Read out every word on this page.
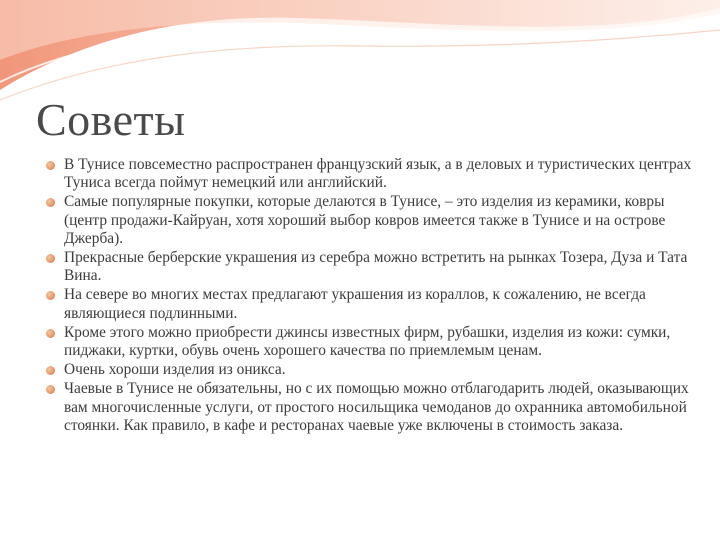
Советы
В Тунисе повсеместно распространен французский язык, а в деловых и туристических центрах Туниса всегда поймут немецкий или английский.
Самые популярные покупки, которые делаются в Тунисе, – это изделия из керамики, ковры (центр продажи-Кайруан, хотя хороший выбор ковров имеется также в Тунисе и на острове Джерба).
Прекрасные берберские украшения из серебра можно встретить на рынках Тозера, Дуза и Тата Вина.
На севере во многих местах предлагают украшения из кораллов, к сожалению, не всегда являющиеся подлинными.
Кроме этого можно приобрести джинсы известных фирм, рубашки, изделия из кожи: сумки, пиджаки, куртки, обувь очень хорошего качества по приемлемым ценам.
Очень хороши изделия из оникса.
Чаевые в Тунисе не обязательны, но с их помощью можно отблагодарить людей, оказывающих вам многочисленные услуги, от простого носильщика чемоданов до охранника автомобильной стоянки. Как правило, в кафе и ресторанах чаевые уже включены в стоимость заказа.
